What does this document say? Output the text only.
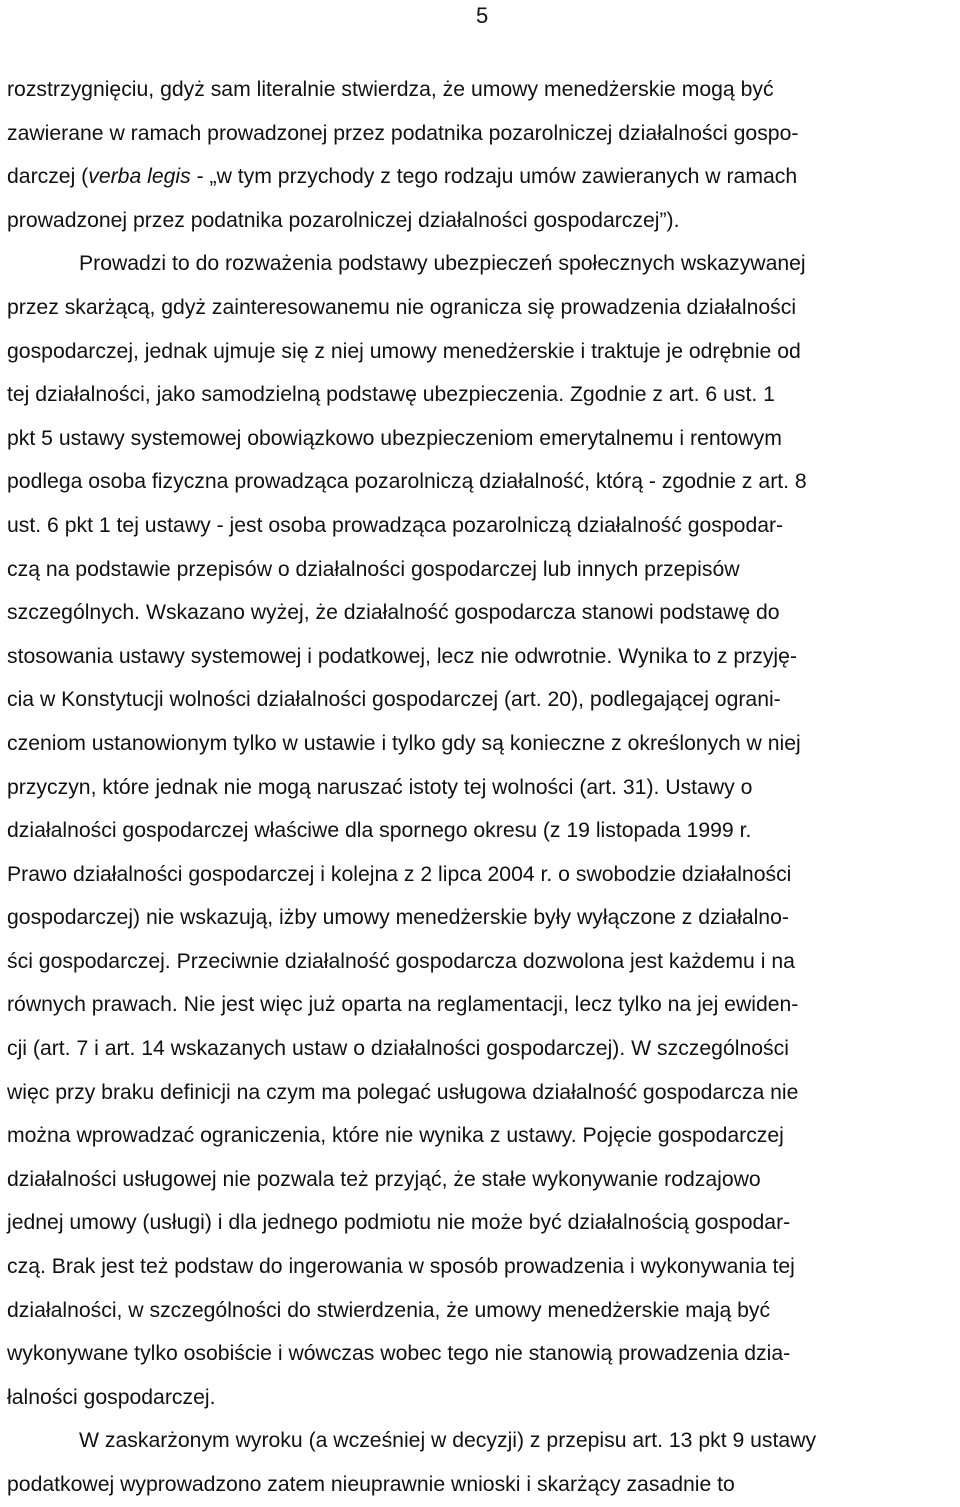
5
rozstrzygnięciu, gdyż sam literalnie stwierdza, że umowy menedżerskie mogą być
zawierane w ramach prowadzonej przez podatnika pozarolniczej działalności gospo-
darczej (verba legis - „w tym przychody z tego rodzaju umów zawieranych w ramach
prowadzonej przez podatnika pozarolniczej działalności gospodarczej”).
Prowadzi to do rozważenia podstawy ubezpieczeń społecznych wskazywanej
przez skarżącą, gdyż zainteresowanemu nie ogranicza się prowadzenia działalności
gospodarczej, jednak ujmuje się z niej umowy menedżerskie i traktuje je odrębnie od
tej działalności, jako samodzielną podstawę ubezpieczenia. Zgodnie z art. 6 ust. 1
pkt 5 ustawy systemowej obowiązkowo ubezpieczeniom emerytalnemu i rentowym
podlega osoba fizyczna prowadząca pozarolniczą działalność, którą - zgodnie z art. 8
ust. 6 pkt 1 tej ustawy - jest osoba prowadząca pozarolniczą działalność gospodar-
czą na podstawie przepisów o działalności gospodarczej lub innych przepisów
szczególnych. Wskazano wyżej, że działalność gospodarcza stanowi podstawę do
stosowania ustawy systemowej i podatkowej, lecz nie odwrotnie. Wynika to z przyję-
cia w Konstytucji wolności działalności gospodarczej (art. 20), podlegającej ograni-
czeniom ustanowionym tylko w ustawie i tylko gdy są konieczne z określonych w niej
przyczyn, które jednak nie mogą naruszać istoty tej wolności (art. 31). Ustawy o
działalności gospodarczej właściwe dla spornego okresu (z 19 listopada 1999 r.
Prawo działalności gospodarczej i kolejna z 2 lipca 2004 r. o swobodzie działalności
gospodarczej) nie wskazują, iżby umowy menedżerskie były wyłączone z działalno-
ści gospodarczej. Przeciwnie działalność gospodarcza dozwolona jest każdemu i na
równych prawach. Nie jest więc już oparta na reglamentacji, lecz tylko na jej ewiden-
cji (art. 7 i art. 14 wskazanych ustaw o działalności gospodarczej). W szczególności
więc przy braku definicji na czym ma polegać usługowa działalność gospodarcza nie
można wprowadzać ograniczenia, które nie wynika z ustawy. Pojęcie gospodarczej
działalności usługowej nie pozwala też przyjąć, że stałe wykonywanie rodzajowo
jednej umowy (usługi) i dla jednego podmiotu nie może być działalnością gospodar-
czą. Brak jest też podstaw do ingerowania w sposób prowadzenia i wykonywania tej
działalności, w szczególności do stwierdzenia, że umowy menedżerskie mają być
wykonywane tylko osobiście i wówczas wobec tego nie stanowią prowadzenia dzia-
łalności gospodarczej.
W zaskarżonym wyroku (a wcześniej w decyzji) z przepisu art. 13 pkt 9 ustawy
podatkowej wyprowadzono zatem nieuprawnie wnioski i skarżący zasadnie to
